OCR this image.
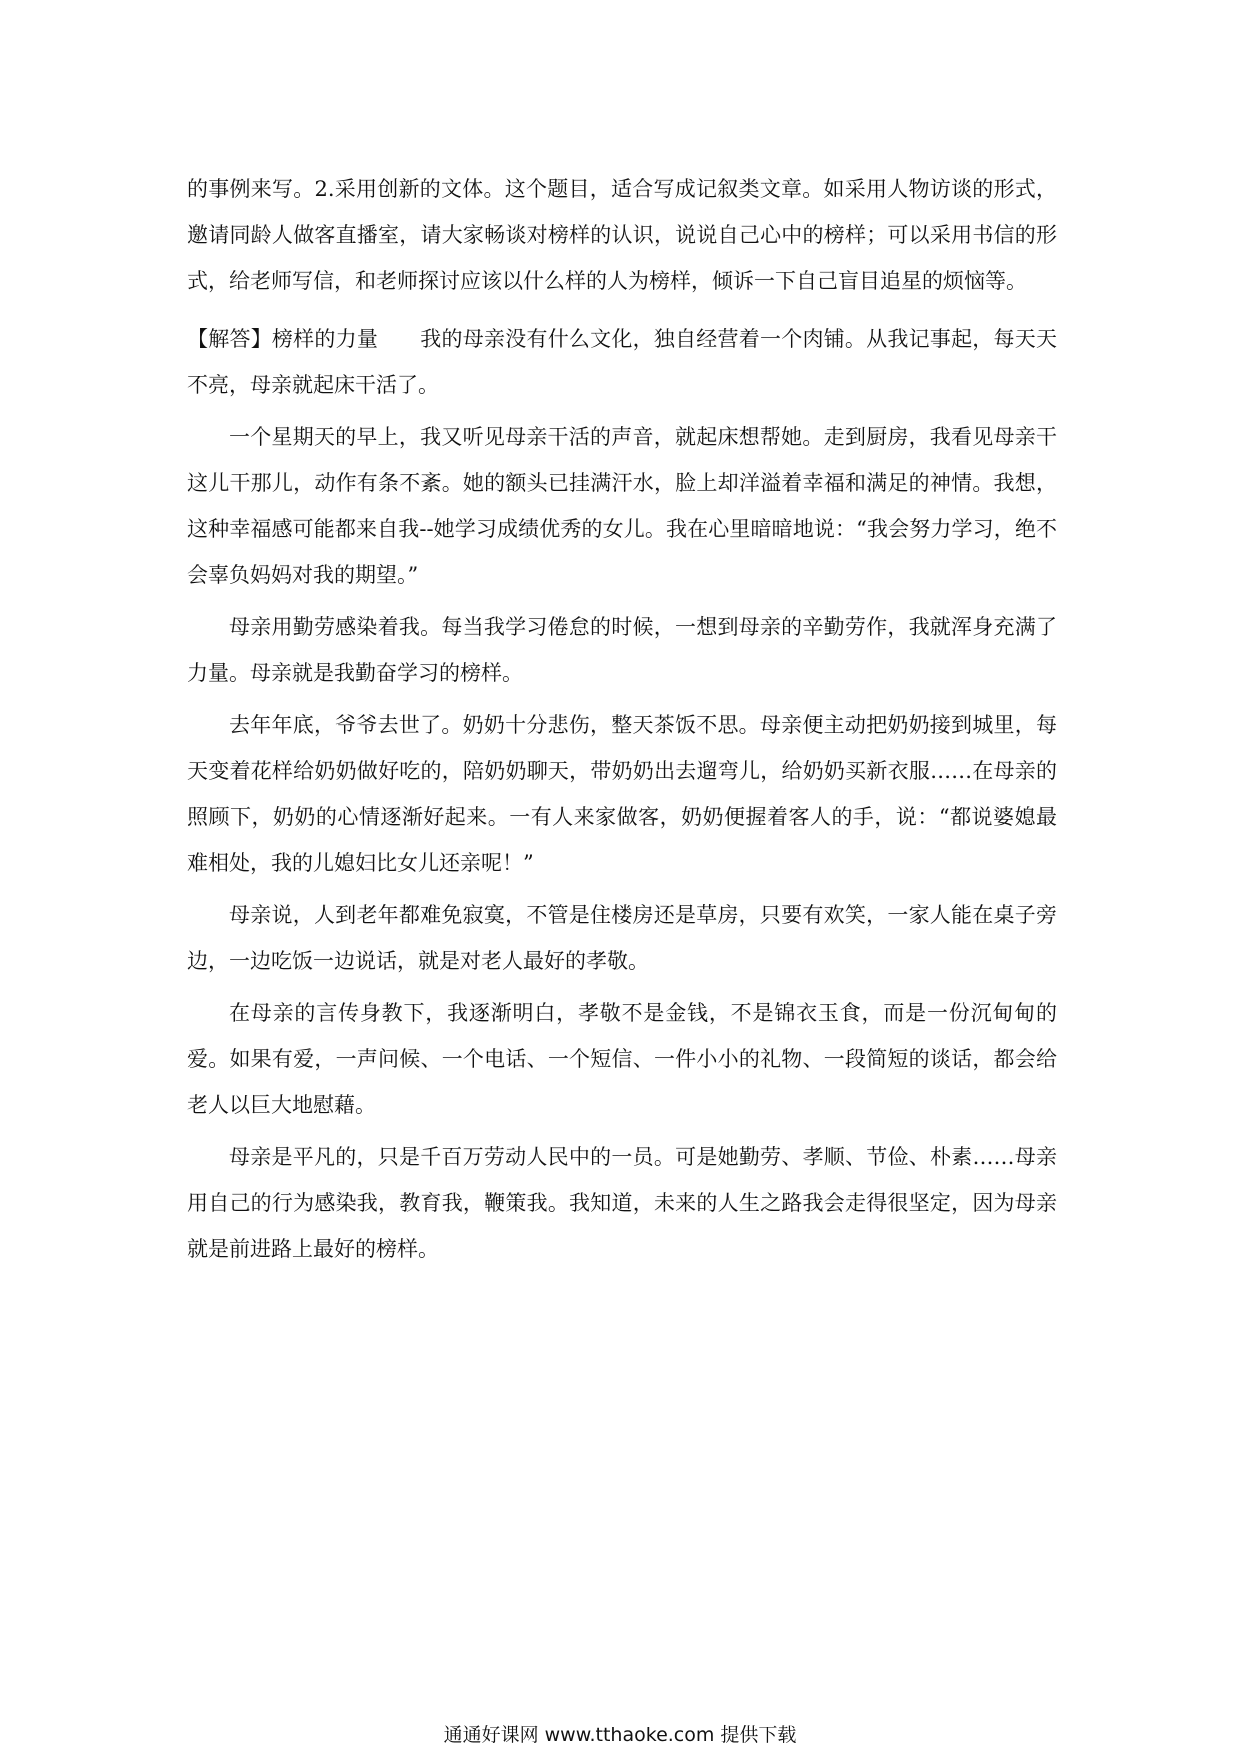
的事例来写。2.采用创新的文体。这个题目，适合写成记叙类文章。如采用人物访谈的形式，邀请同龄人做客直播室，请大家畅谈对榜样的认识，说说自己心中的榜样；可以采用书信的形式，给老师写信，和老师探讨应该以什么样的人为榜样，倾诉一下自己盲目追星的烦恼等。

【解答】榜样的力量 我的母亲没有什么文化，独自经营着一个肉铺。从我记事起，每天天不亮，母亲就起床干活了。

一个星期天的早上，我又听见母亲干活的声音，就起床想帮她。走到厨房，我看见母亲干这儿干那儿，动作有条不紊。她的额头已挂满汗水，脸上却洋溢着幸福和满足的神情。我想，这种幸福感可能都来自我--她学习成绩优秀的女儿。我在心里暗暗地说：“我会努力学习，绝不会辜负妈妈对我的期望。”

母亲用勤劳感染着我。每当我学习倦怠的时候，一想到母亲的辛勤劳作，我就浑身充满了力量。母亲就是我勤奋学习的榜样。

去年年底，爷爷去世了。奶奶十分悲伤，整天茶饭不思。母亲便主动把奶奶接到城里，每天变着花样给奶奶做好吃的，陪奶奶聊天，带奶奶出去遛弯儿，给奶奶买新衣服……在母亲的照顾下，奶奶的心情逐渐好起来。一有人来家做客，奶奶便握着客人的手，说：“都说婆媳最难相处，我的儿媳妇比女儿还亲呢！”

母亲说，人到老年都难免寂寞，不管是住楼房还是草房，只要有欢笑，一家人能在桌子旁边，一边吃饭一边说话，就是对老人最好的孝敬。

在母亲的言传身教下，我逐渐明白，孝敬不是金钱，不是锦衣玉食，而是一份沉甸甸的爱。如果有爱，一声问候、一个电话、一个短信、一件小小的礼物、一段简短的谈话，都会给老人以巨大地慰藉。

母亲是平凡的，只是千百万劳动人民中的一员。可是她勤劳、孝顺、节俭、朴素……母亲用自己的行为感染我，教育我，鞭策我。我知道，未来的人生之路我会走得很坚定，因为母亲就是前进路上最好的榜样。

通通好课网 www.tthaoke.com 提供下载
